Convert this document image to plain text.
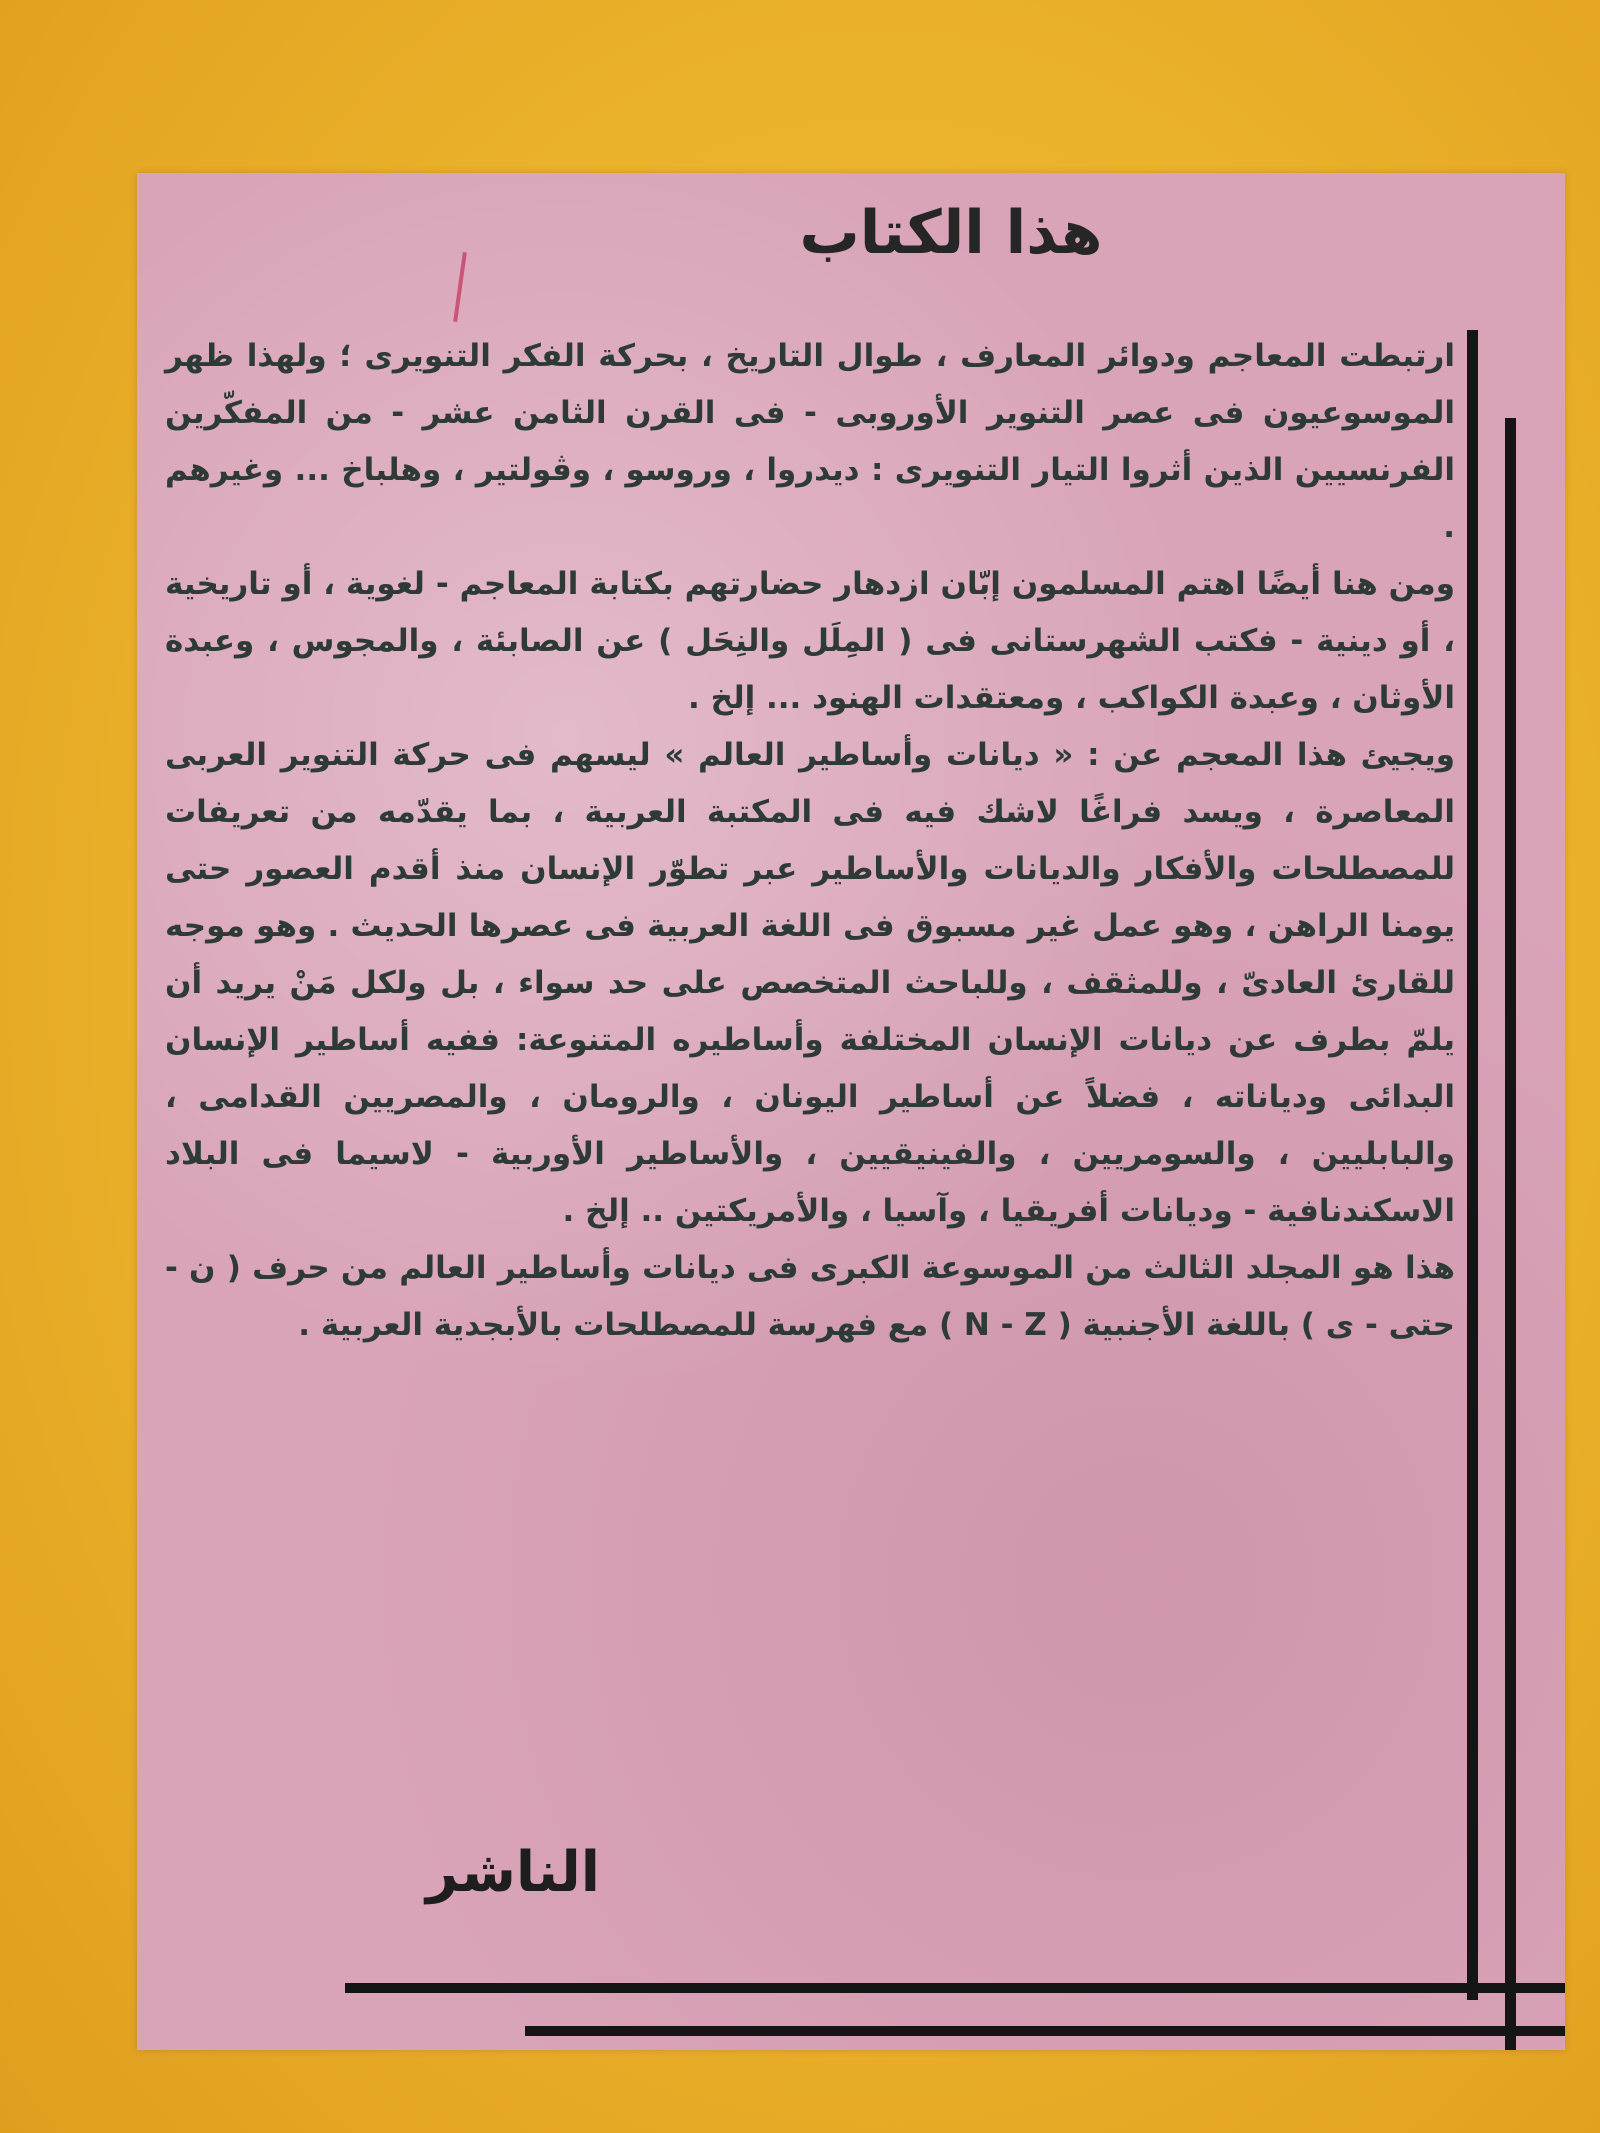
هذا الكتاب

ارتبطت المعاجم ودوائر المعارف ، طوال التاريخ ، بحركة الفكر التنويرى ؛ ولهذا ظهر الموسوعيون فى عصر التنوير الأوروبى - فى القرن الثامن عشر - من المفكّرين الفرنسيين الذين أثروا التيار التنويرى : ديدروا ، وروسو ، وڤولتير ، وهلباخ ... وغيرهم .

ومن هنا أيضًا اهتم المسلمون إبّان ازدهار حضارتهم بكتابة المعاجم - لغوية ، أو تاريخية ، أو دينية - فكتب الشهرستانى فى ( المِلَل والنِحَل ) عن الصابئة ، والمجوس ، وعبدة الأوثان ، وعبدة الكواكب ، ومعتقدات الهنود ... إلخ .

ويجيئ هذا المعجم عن : « ديانات وأساطير العالم » ليسهم فى حركة التنوير العربى المعاصرة ، ويسد فراغًا لاشك فيه فى المكتبة العربية ، بما يقدّمه من تعريفات للمصطلحات والأفكار والديانات والأساطير عبر تطوّر الإنسان منذ أقدم العصور حتى يومنا الراهن ، وهو عمل غير مسبوق فى اللغة العربية فى عصرها الحديث . وهو موجه للقارئ العادىّ ، وللمثقف ، وللباحث المتخصص على حد سواء ، بل ولكل مَنْ يريد أن يلمّ بطرف عن ديانات الإنسان المختلفة وأساطيره المتنوعة: ففيه أساطير الإنسان البدائى ودياناته ، فضلاً عن أساطير اليونان ، والرومان ، والمصريين القدامى ، والبابليين ، والسومريين ، والفينيقيين ، والأساطير الأوربية - لاسيما فى البلاد الاسكندنافية - وديانات أفريقيا ، وآسيا ، والأمريكتين .. إلخ .

هذا هو المجلد الثالث من الموسوعة الكبرى فى ديانات وأساطير العالم من حرف ( ن - حتى - ى ) باللغة الأجنبية ( N - Z ) مع فهرسة للمصطلحات بالأبجدية العربية .

الناشر
